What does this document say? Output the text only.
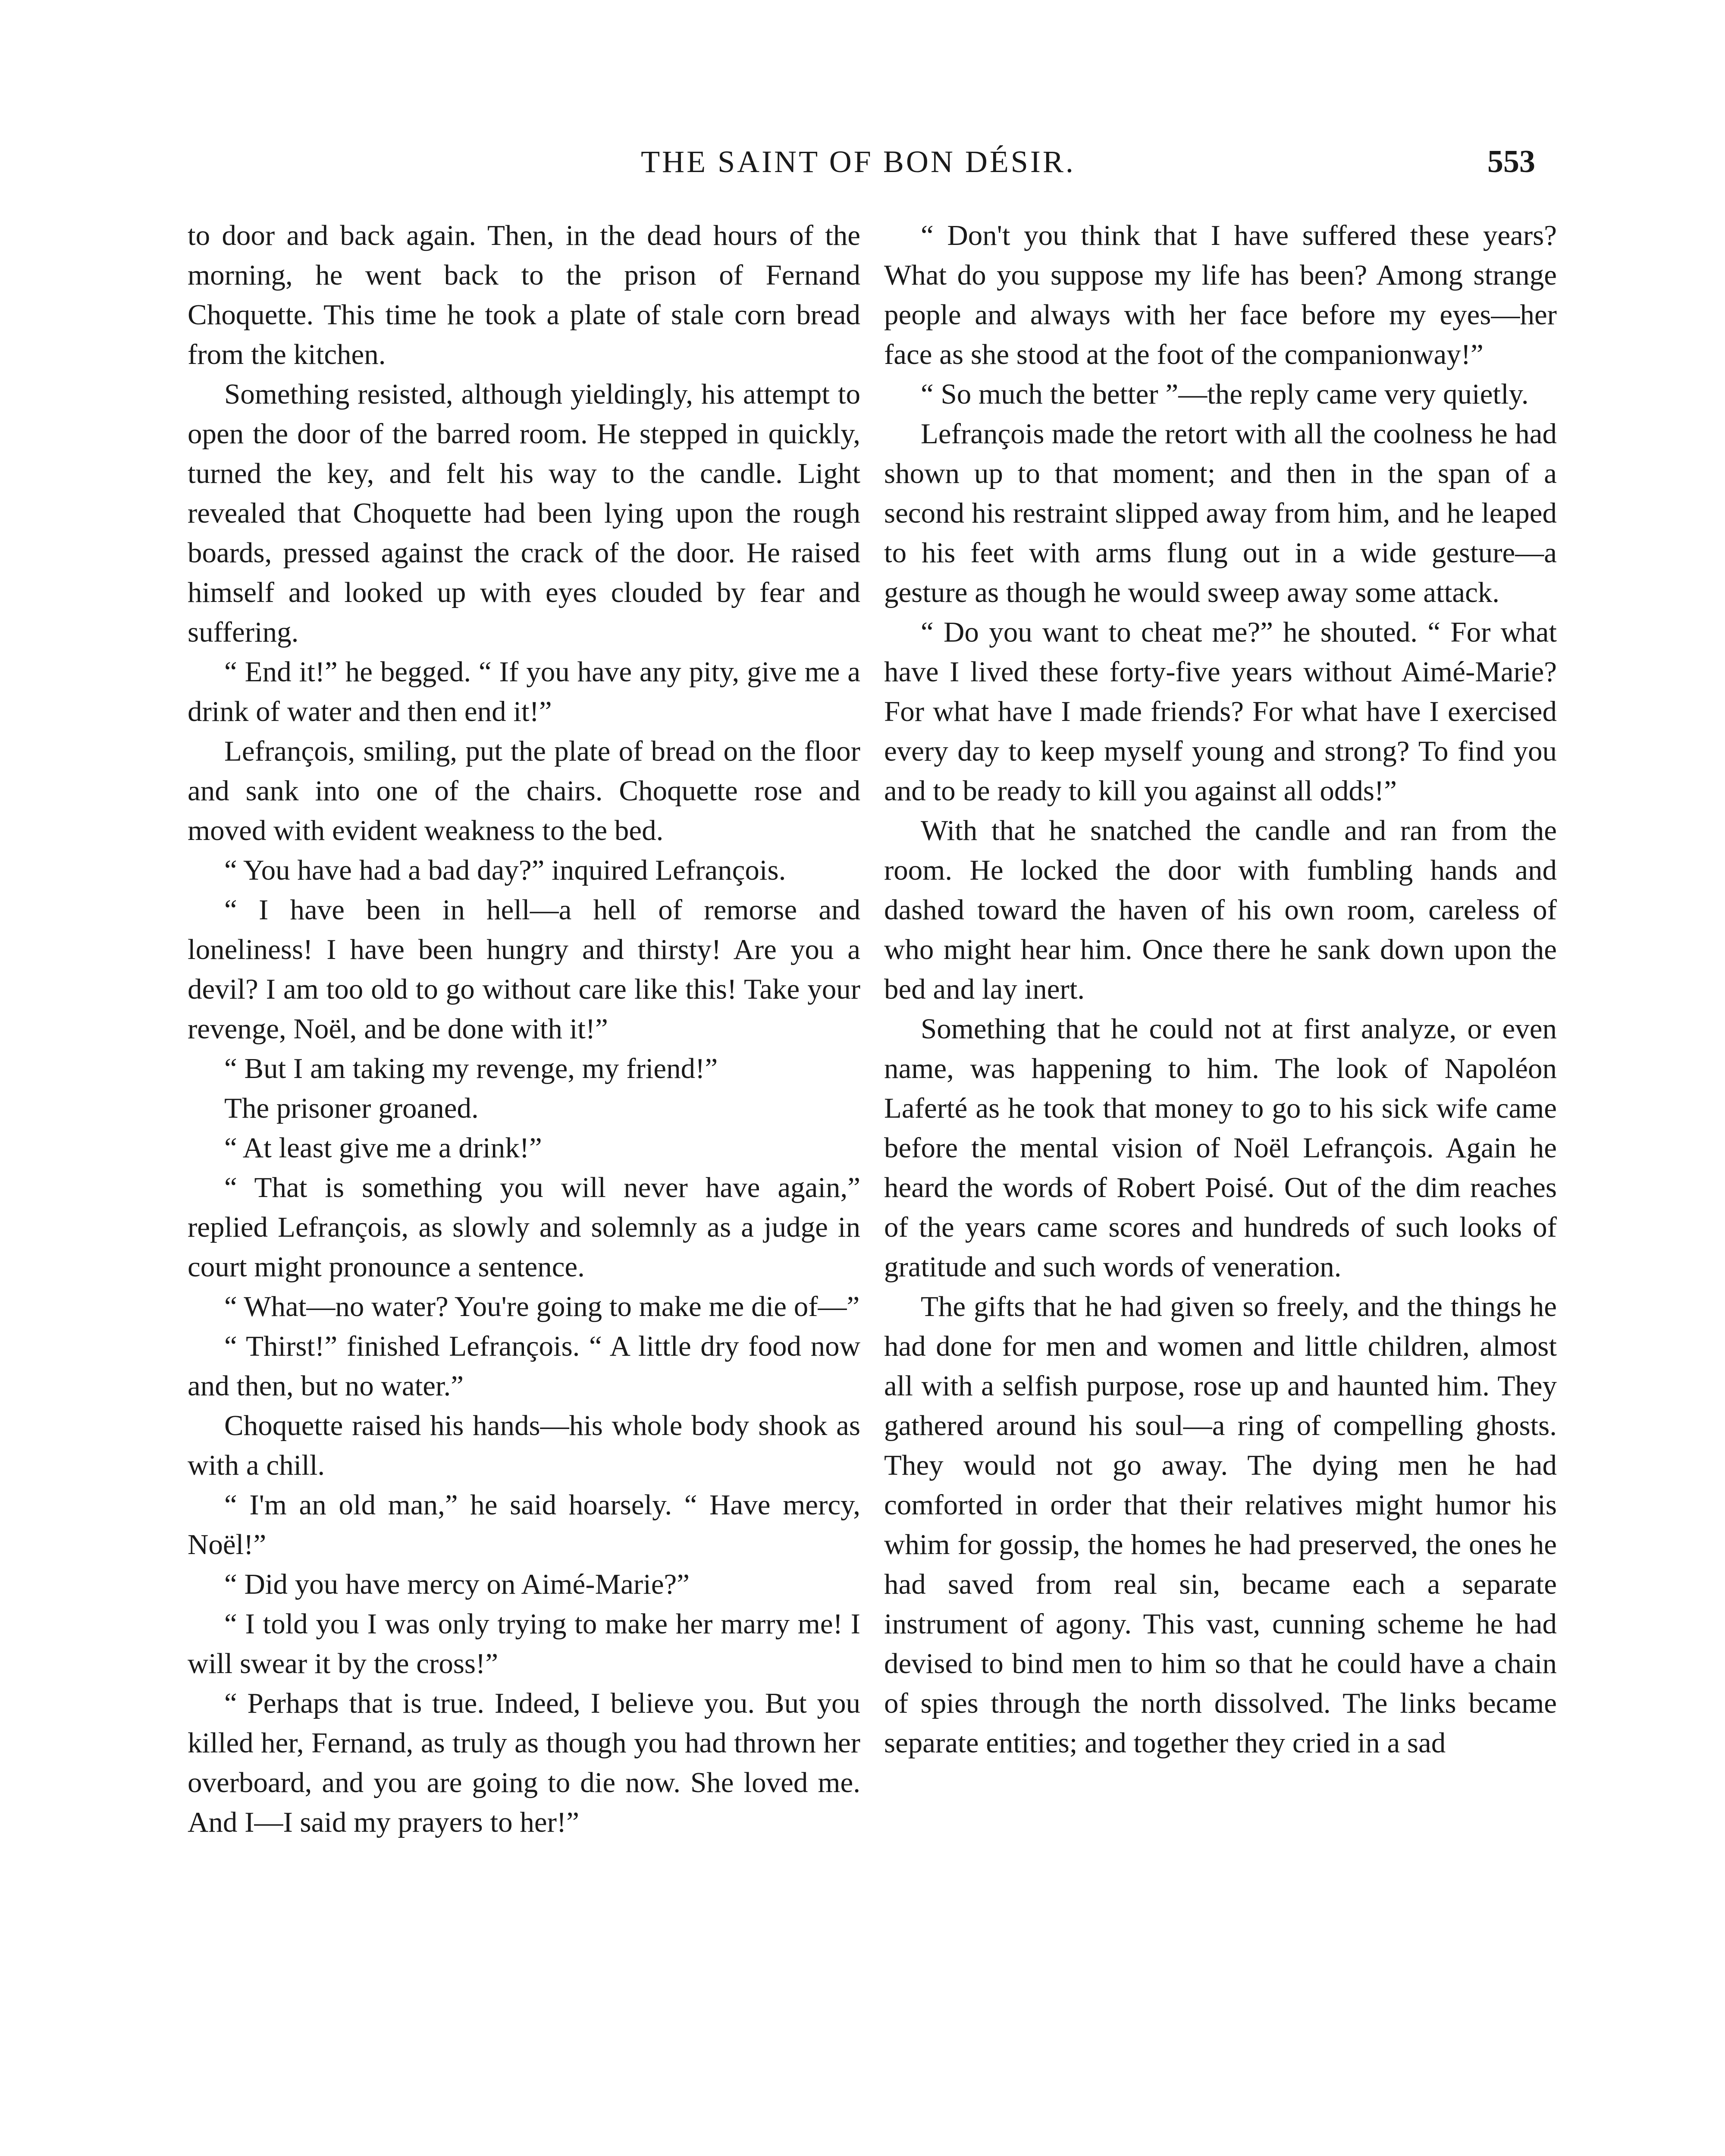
THE SAINT OF BON DÉSIR.	553

to door and back again. Then, in the dead hours of the morning, he went back to the prison of Fernand Choquette. This time he took a plate of stale corn bread from the kitchen.

Something resisted, although yieldingly, his attempt to open the door of the barred room. He stepped in quickly, turned the key, and felt his way to the candle. Light revealed that Choquette had been lying upon the rough boards, pressed against the crack of the door. He raised himself and looked up with eyes clouded by fear and suffering.

“ End it!” he begged. “ If you have any pity, give me a drink of water and then end it!”

Lefrançois, smiling, put the plate of bread on the floor and sank into one of the chairs. Choquette rose and moved with evident weakness to the bed.

“ You have had a bad day?” inquired Lefrançois.

“ I have been in hell—a hell of remorse and loneliness! I have been hungry and thirsty! Are you a devil? I am too old to go without care like this! Take your revenge, Noël, and be done with it!”

“ But I am taking my revenge, my friend!”

The prisoner groaned.

“ At least give me a drink!”

“ That is something you will never have again,” replied Lefrançois, as slowly and solemnly as a judge in court might pronounce a sentence.

“ What—no water? You're going to make me die of—”

“ Thirst!” finished Lefrançois. “ A little dry food now and then, but no water.”

Choquette raised his hands—his whole body shook as with a chill.

“ I'm an old man,” he said hoarsely. “ Have mercy, Noël!”

“ Did you have mercy on Aimé-Marie?”

“ I told you I was only trying to make her marry me! I will swear it by the cross!”

“ Perhaps that is true. Indeed, I believe you. But you killed her, Fernand, as truly as though you had thrown her overboard, and you are going to die now. She loved me. And I—I said my prayers to her!”

“ Don't you think that I have suffered these years? What do you suppose my life has been? Among strange people and always with her face before my eyes—her face as she stood at the foot of the companionway!”

“ So much the better ”—the reply came very quietly.

Lefrançois made the retort with all the coolness he had shown up to that moment; and then in the span of a second his restraint slipped away from him, and he leaped to his feet with arms flung out in a wide gesture—a gesture as though he would sweep away some attack.

“ Do you want to cheat me?” he shouted. “ For what have I lived these forty-five years without Aimé-Marie? For what have I made friends? For what have I exercised every day to keep myself young and strong? To find you and to be ready to kill you against all odds!”

With that he snatched the candle and ran from the room. He locked the door with fumbling hands and dashed toward the haven of his own room, careless of who might hear him. Once there he sank down upon the bed and lay inert.

Something that he could not at first analyze, or even name, was happening to him. The look of Napoléon Laferté as he took that money to go to his sick wife came before the mental vision of Noël Lefrançois. Again he heard the words of Robert Poisé. Out of the dim reaches of the years came scores and hundreds of such looks of gratitude and such words of veneration.

The gifts that he had given so freely, and the things he had done for men and women and little children, almost all with a selfish purpose, rose up and haunted him. They gathered around his soul—a ring of compelling ghosts. They would not go away. The dying men he had comforted in order that their relatives might humor his whim for gossip, the homes he had preserved, the ones he had saved from real sin, became each a separate instrument of agony. This vast, cunning scheme he had devised to bind men to him so that he could have a chain of spies through the north dissolved. The links became separate entities; and together they cried in a sad
